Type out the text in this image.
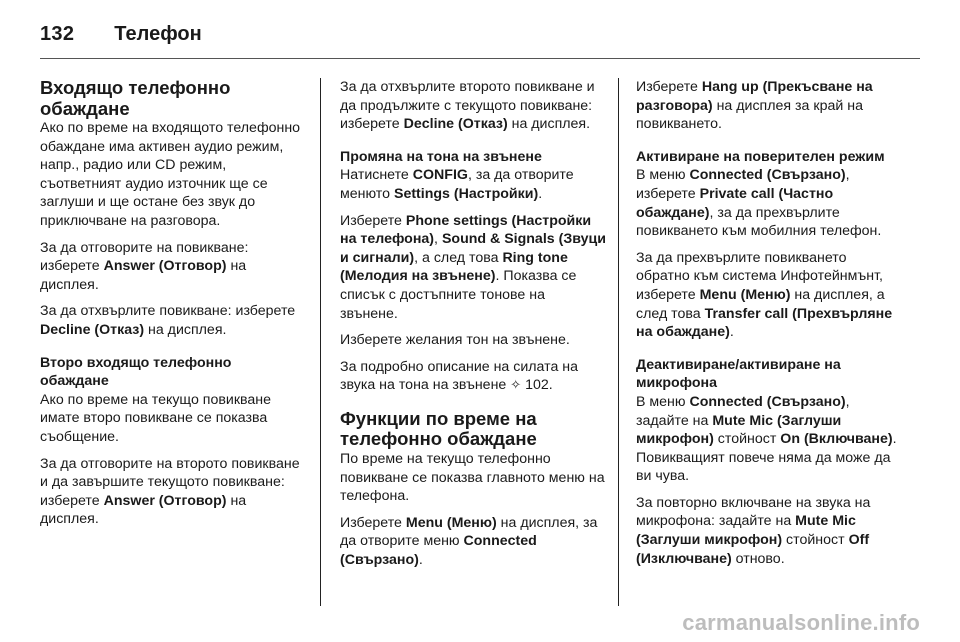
132 Телефон
Входящо телефонно обаждане

Ако по време на входящото телефонно обаждане има активен аудио режим, напр., радио или CD режим, съответният аудио източник ще се заглуши и ще остане без звук до приключване на разговора.

За да отговорите на повикване: изберете Answer (Отговор) на дисплея.

За да отхвърлите повикване: изберете Decline (Отказ) на дисплея.

Второ входящо телефонно обаждане

Ако по време на текущо повикване имате второ повикване се показва съобщение.

За да отговорите на второто повикване и да завършите текущото повикване: изберете Answer (Отговор) на дисплея.

За да отхвърлите второто повикване и да продължите с текущото повикване: изберете Decline (Отказ) на дисплея.

Промяна на тона на звънене

Натиснете CONFIG, за да отворите менюто Settings (Настройки).

Изберете Phone settings (Настройки на телефона), Sound & Signals (Звуци и сигнали), а след това Ring tone (Мелодия на звънене). Показва се списък с достъпните тонове на звънене.

Изберете желания тон на звънене.

За подробно описание на силата на звука на тона на звънене ✧ 102.

Функции по време на телефонно обаждане

По време на текущо телефонно повикване се показва главното меню на телефона.

Изберете Menu (Меню) на дисплея, за да отворите меню Connected (Свързано).

Изберете Hang up (Прекъсване на разговора) на дисплея за край на повикването.

Активиране на поверителен режим

В меню Connected (Свързано), изберете Private call (Частно обаждане), за да прехвърлите повикването към мобилния телефон.

За да прехвърлите повикването обратно към система Инфотейнмънт, изберете Menu (Меню) на дисплея, а след това Transfer call (Прехвърляне на обаждане).

Деактивиране/активиране на микрофона

В меню Connected (Свързано), задайте на Mute Mic (Заглуши микрофон) стойност On (Включване). Повикващият повече няма да може да ви чува.

За повторно включване на звука на микрофона: задайте на Mute Mic (Заглуши микрофон) стойност Off (Изключване) отново.

carmanualsonline.info
